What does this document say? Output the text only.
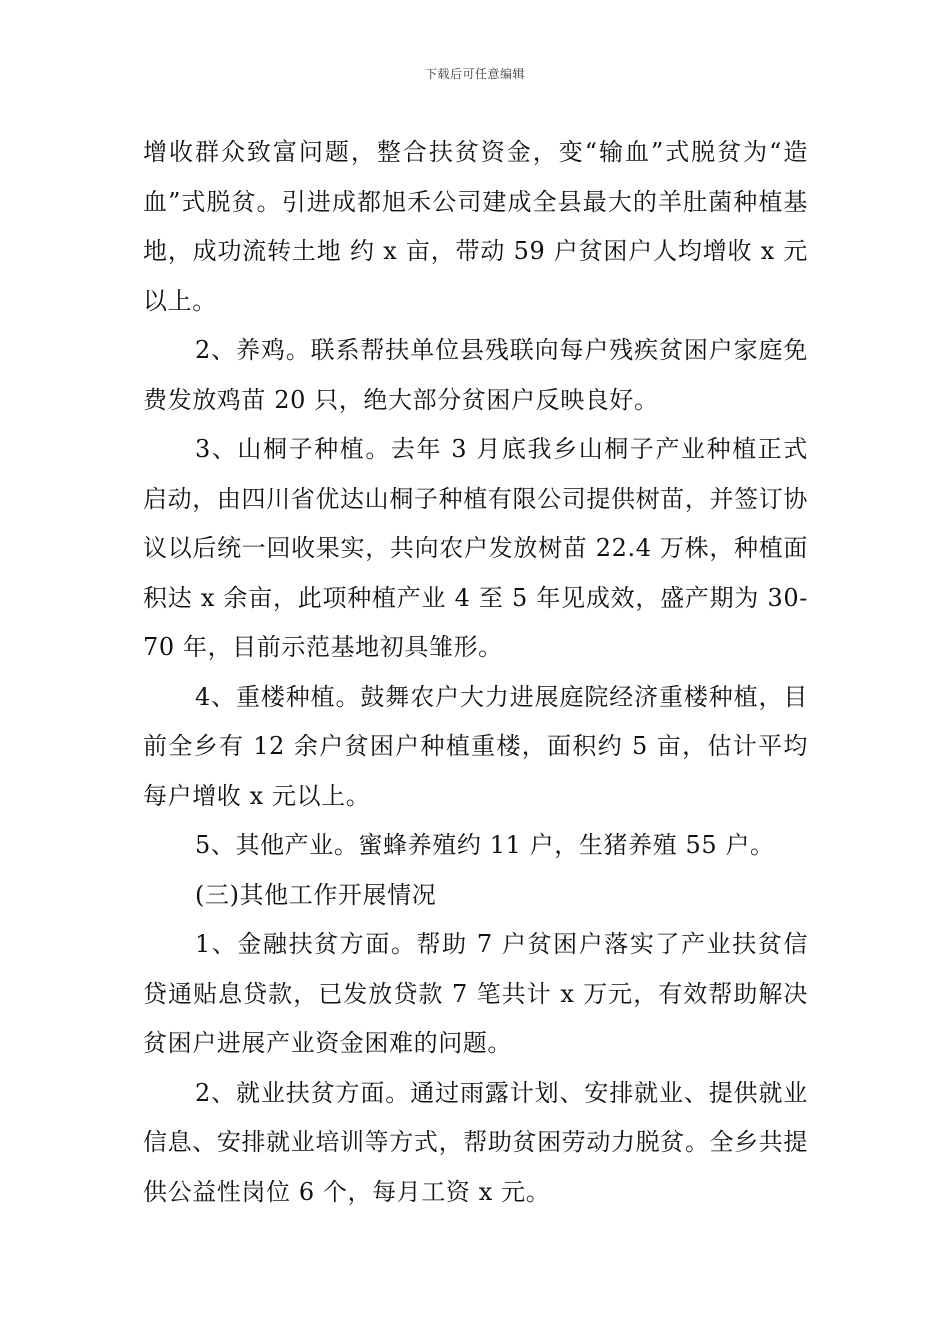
下载后可任意编辑

增收群众致富问题，整合扶贫资金，变“输血”式脱贫为“造血”式脱贫。引进成都旭禾公司建成全县最大的羊肚菌种植基地，成功流转土地 约 x 亩，带动 59 户贫困户人均增收 x 元以上。

2、养鸡。联系帮扶单位县残联向每户残疾贫困户家庭免费发放鸡苗 20 只，绝大部分贫困户反映良好。

3、山桐子种植。去年 3 月底我乡山桐子产业种植正式启动，由四川省优达山桐子种植有限公司提供树苗，并签订协议以后统一回收果实，共向农户发放树苗 22.4 万株，种植面积达 x 余亩，此项种植产业 4 至 5 年见成效，盛产期为 30-70 年，目前示范基地初具雏形。

4、重楼种植。鼓舞农户大力进展庭院经济重楼种植，目前全乡有 12 余户贫困户种植重楼，面积约 5 亩，估计平均每户增收 x 元以上。

5、其他产业。蜜蜂养殖约 11 户，生猪养殖 55 户。

(三)其他工作开展情况

1、金融扶贫方面。帮助 7 户贫困户落实了产业扶贫信贷通贴息贷款，已发放贷款 7 笔共计 x 万元，有效帮助解决贫困户进展产业资金困难的问题。

2、就业扶贫方面。通过雨露计划、安排就业、提供就业信息、安排就业培训等方式，帮助贫困劳动力脱贫。全乡共提供公益性岗位 6 个，每月工资 x 元。
